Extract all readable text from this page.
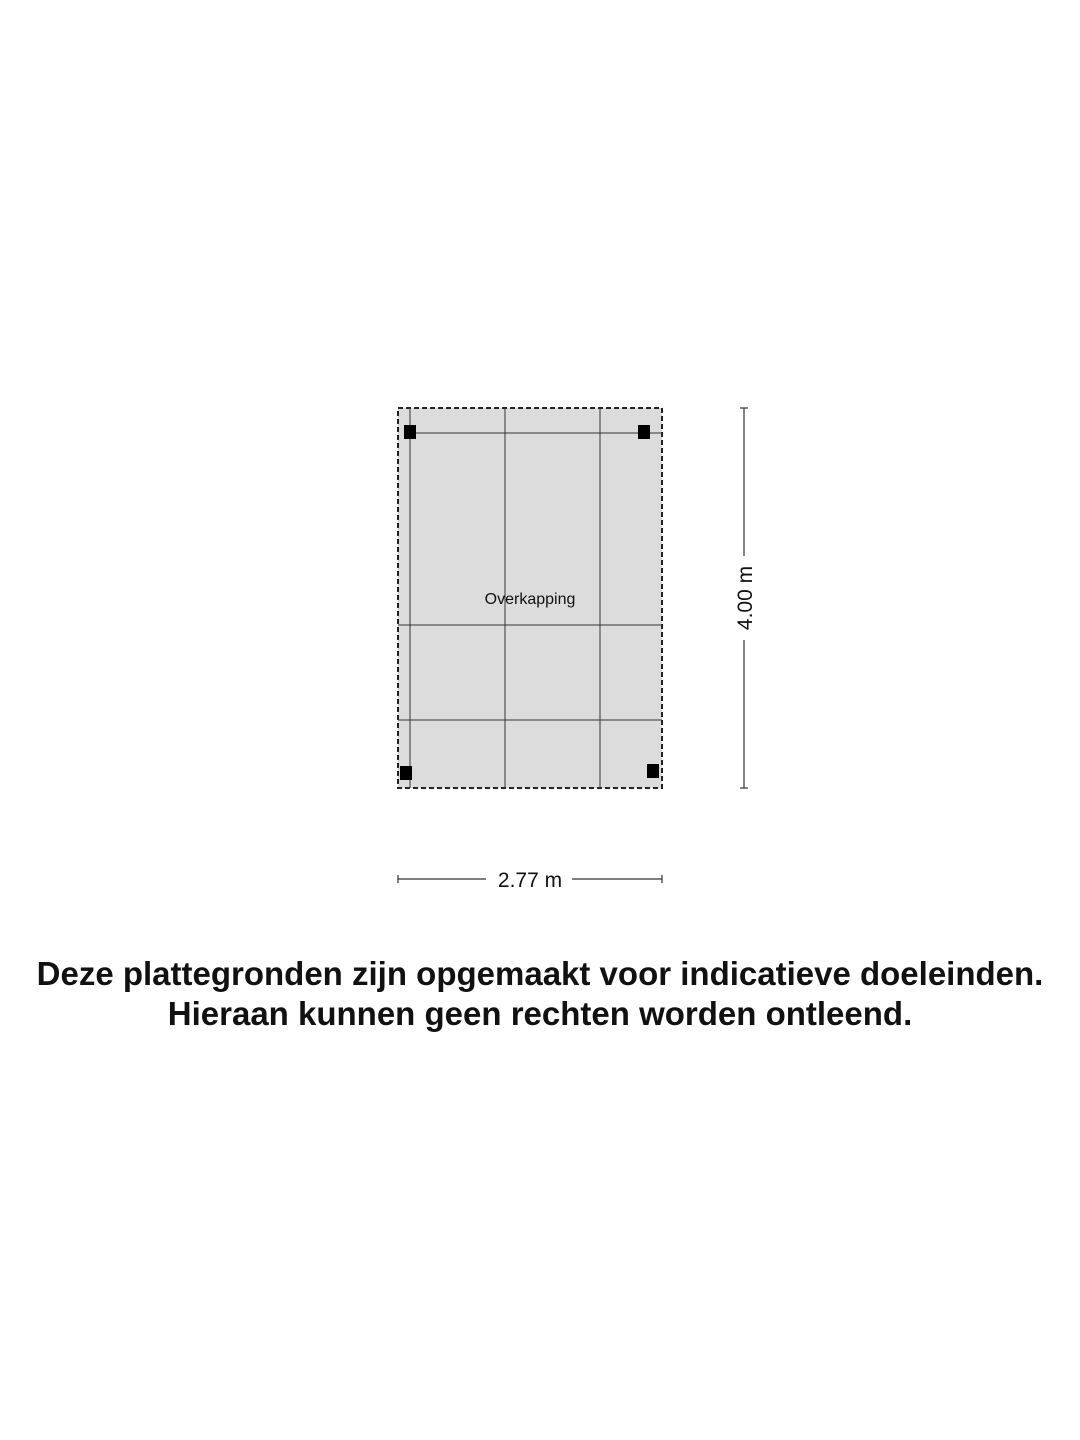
Overkapping	4.00 m
2.77 m
Deze plattegronden zijn opgemaakt voor indicatieve doeleinden.
Hieraan kunnen geen rechten worden ontleend.
